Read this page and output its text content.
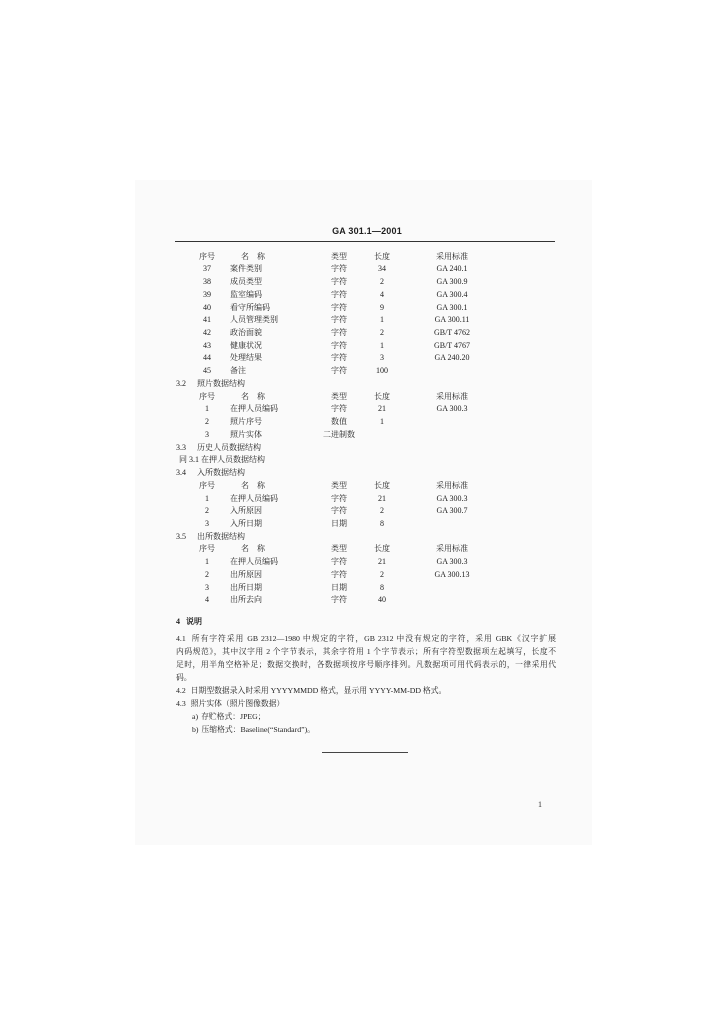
GA 301.1—2001
序号	名　称	类型	长度	采用标准
37	案件类别	字符	34	GA 240.1
38	成员类型	字符	2	GA 300.9
39	监室编码	字符	4	GA 300.4
40	看守所编码	字符	9	GA 300.1
41	人员管理类别	字符	1	GA 300.11
42	政治面貌	字符	2	GB/T 4762
43	健康状况	字符	1	GB/T 4767
44	处理结果	字符	3	GA 240.20
45	备注	字符	100
3.2 照片数据结构
序号	名　称	类型	长度	采用标准
1	在押人员编码	字符	21	GA 300.3
2	照片序号	数值	1
3	照片实体	二进制数
3.3 历史人员数据结构
同 3.1 在押人员数据结构
3.4 入所数据结构
序号	名　称	类型	长度	采用标准
1	在押人员编码	字符	21	GA 300.3
2	入所原因	字符	2	GA 300.7
3	入所日期	日期	8
3.5 出所数据结构
序号	名　称	类型	长度	采用标准
1	在押人员编码	字符	21	GA 300.3
2	出所原因	字符	2	GA 300.13
3	出所日期	日期	8
4	出所去向	字符	40
4 说明
4.1 所有字符采用 GB 2312—1980 中规定的字符，GB 2312 中没有规定的字符，采用 GBK《汉字扩展
内码规范》，其中汉字用 2 个字节表示，其余字符用 1 个字节表示；所有字符型数据项左起填写，长度不
足时，用半角空格补足；数据交换时，各数据项按序号顺序排列。凡数据项可用代码表示的，一律采用代
码。
4.2 日期型数据录入时采用 YYYYMMDD 格式，显示用 YYYY-MM-DD 格式。
4.3 照片实体（照片图像数据）
a) 存贮格式：JPEG；
b) 压缩格式：Baseline(“Standard”)。
1
